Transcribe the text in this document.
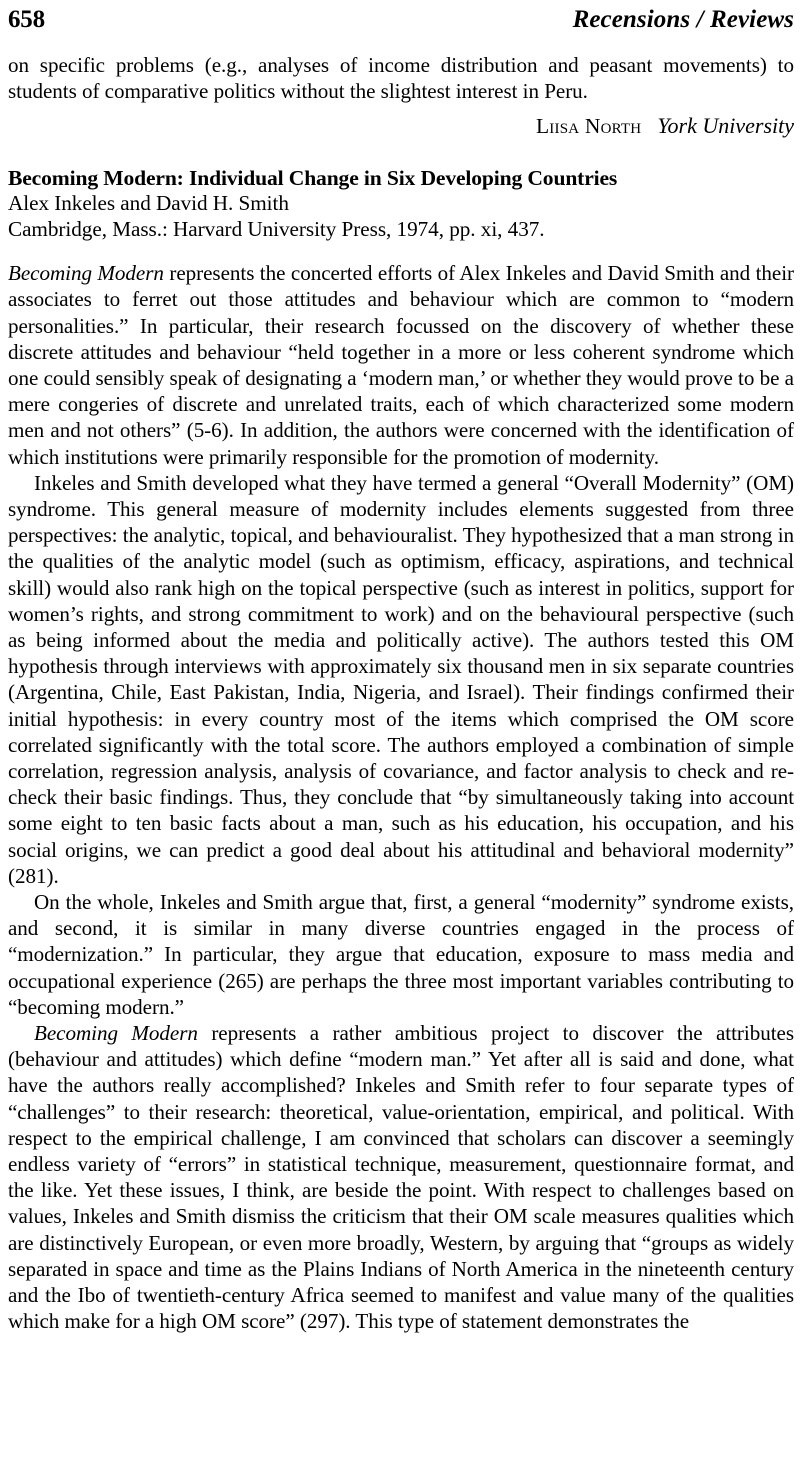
658	Recensions / Reviews

on specific problems (e.g., analyses of income distribution and peasant movements) to students of comparative politics without the slightest interest in Peru.

Liisa North York University
Becoming Modern: Individual Change in Six Developing Countries
Alex Inkeles and David H. Smith
Cambridge, Mass.: Harvard University Press, 1974, pp. xi, 437.

Becoming Modern represents the concerted efforts of Alex Inkeles and David Smith and their associates to ferret out those attitudes and behaviour which are common to “modern personalities.” In particular, their research focussed on the discovery of whether these discrete attitudes and behaviour “held together in a more or less coherent syndrome which one could sensibly speak of designating a ‘modern man,’ or whether they would prove to be a mere congeries of discrete and unrelated traits, each of which characterized some modern men and not others” (5-6). In addition, the authors were concerned with the identification of which institutions were primarily responsible for the promotion of modernity.

Inkeles and Smith developed what they have termed a general “Overall Modernity” (OM) syndrome. This general measure of modernity includes elements suggested from three perspectives: the analytic, topical, and behaviouralist. They hypothesized that a man strong in the qualities of the analytic model (such as optimism, efficacy, aspirations, and technical skill) would also rank high on the topical perspective (such as interest in politics, support for women’s rights, and strong commitment to work) and on the behavioural perspective (such as being informed about the media and politically active). The authors tested this OM hypothesis through interviews with approximately six thousand men in six separate countries (Argentina, Chile, East Pakistan, India, Nigeria, and Israel). Their findings confirmed their initial hypothesis: in every country most of the items which comprised the OM score correlated significantly with the total score. The authors employed a combination of simple correlation, regression analysis, analysis of covariance, and factor analysis to check and re-check their basic findings. Thus, they conclude that “by simultaneously taking into account some eight to ten basic facts about a man, such as his education, his occupation, and his social origins, we can predict a good deal about his attitudinal and behavioral modernity” (281).

On the whole, Inkeles and Smith argue that, first, a general “modernity” syndrome exists, and second, it is similar in many diverse countries engaged in the process of “modernization.” In particular, they argue that education, exposure to mass media and occupational experience (265) are perhaps the three most important variables contributing to “becoming modern.”

Becoming Modern represents a rather ambitious project to discover the attributes (behaviour and attitudes) which define “modern man.” Yet after all is said and done, what have the authors really accomplished? Inkeles and Smith refer to four separate types of “challenges” to their research: theoretical, value-orientation, empirical, and political. With respect to the empirical challenge, I am convinced that scholars can discover a seemingly endless variety of “errors” in statistical technique, measurement, questionnaire format, and the like. Yet these issues, I think, are beside the point. With respect to challenges based on values, Inkeles and Smith dismiss the criticism that their OM scale measures qualities which are distinctively European, or even more broadly, Western, by arguing that “groups as widely separated in space and time as the Plains Indians of North America in the nineteenth century and the Ibo of twentieth-century Africa seemed to manifest and value many of the qualities which make for a high OM score” (297). This type of statement demonstrates the
